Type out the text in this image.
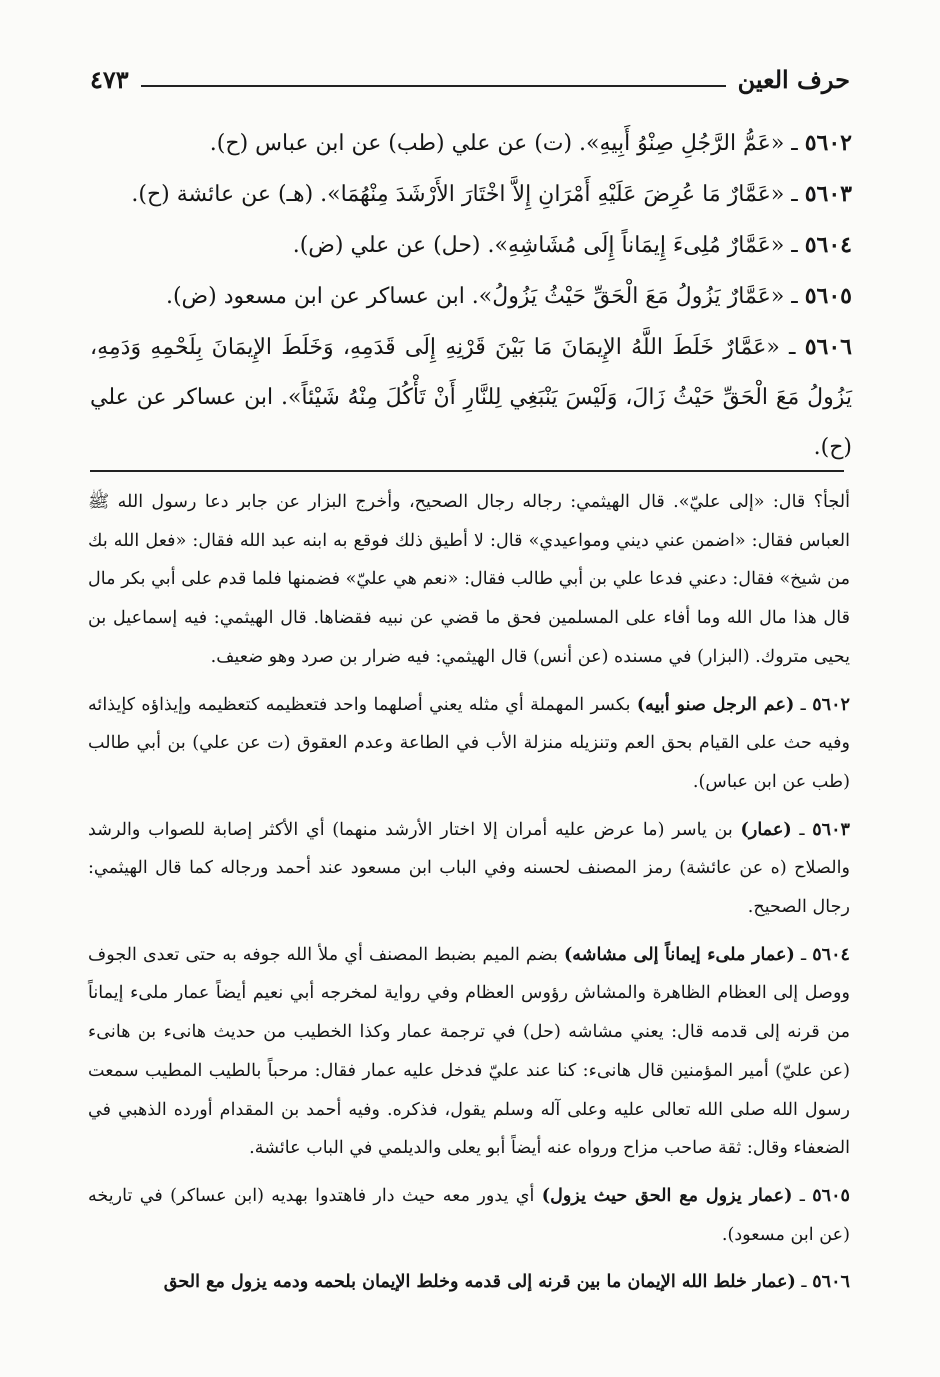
حرف العين
٤٧٣

٥٦٠٢ ـ «عَمُّ الرَّجُلِ صِنْوُ أَبِيهِ». (ت) عن علي (طب) عن ابن عباس (ح).

٥٦٠٣ ـ «عَمَّارٌ مَا عُرِضَ عَلَيْهِ أَمْرَانِ إِلاَّ اخْتَارَ الأَرْشَدَ مِنْهُمَا». (هـ) عن عائشة (ح).

٥٦٠٤ ـ «عَمَّارٌ مُلِىءَ إِيمَاناً إِلَى مُشَاشِهِ». (حل) عن علي (ض).

٥٦٠٥ ـ «عَمَّارٌ يَزُولُ مَعَ الْحَقِّ حَيْثُ يَزُولُ». ابن عساكر عن ابن مسعود (ض).

٥٦٠٦ ـ «عَمَّارٌ خَلَطَ اللَّهُ الإِيمَانَ مَا بَيْنَ قَرْنِهِ إِلَى قَدَمِهِ، وَخَلَطَ الإِيمَانَ بِلَحْمِهِ وَدَمِهِ، يَزُولُ مَعَ الْحَقِّ حَيْثُ زَالَ، وَلَيْسَ يَنْبَغِي لِلنَّارِ أَنْ تَأْكُلَ مِنْهُ شَيْئاً». ابن عساكر عن علي (ح).

ألجأ؟ قال: «إلى عليّ». قال الهيثمي: رجاله رجال الصحيح، وأخرج البزار عن جابر دعا رسول الله ﷺ العباس فقال: «اضمن عني ديني ومواعيدي» قال: لا أطيق ذلك فوقع به ابنه عبد الله فقال: «فعل الله بك من شيخ» فقال: دعني فدعا علي بن أبي طالب فقال: «نعم هي عليّ» فضمنها فلما قدم على أبي بكر مال قال هذا مال الله وما أفاء على المسلمين فحق ما قضي عن نبيه فقضاها. قال الهيثمي: فيه إسماعيل بن يحيى متروك. (البزار) في مسنده (عن أنس) قال الهيثمي: فيه ضرار بن صرد وهو ضعيف.

٥٦٠٢ ـ (عم الرجل صنو أبيه) بكسر المهملة أي مثله يعني أصلهما واحد فتعظيمه كتعظيمه وإيذاؤه كإيذائه وفيه حث على القيام بحق العم وتنزيله منزلة الأب في الطاعة وعدم العقوق (ت عن علي) بن أبي طالب (طب عن ابن عباس).

٥٦٠٣ ـ (عمار) بن ياسر (ما عرض عليه أمران إلا اختار الأرشد منهما) أي الأكثر إصابة للصواب والرشد والصلاح (ه عن عائشة) رمز المصنف لحسنه وفي الباب ابن مسعود عند أحمد ورجاله كما قال الهيثمي: رجال الصحيح.

٥٦٠٤ ـ (عمار ملىء إيماناً إلى مشاشه) بضم الميم بضبط المصنف أي ملأ الله جوفه به حتى تعدى الجوف ووصل إلى العظام الظاهرة والمشاش رؤوس العظام وفي رواية لمخرجه أبي نعيم أيضاً عمار ملىء إيماناً من قرنه إلى قدمه قال: يعني مشاشه (حل) في ترجمة عمار وكذا الخطيب من حديث هانىء بن هانىء (عن عليّ) أمير المؤمنين قال هانىء: كنا عند عليّ فدخل عليه عمار فقال: مرحباً بالطيب المطيب سمعت رسول الله صلى الله تعالى عليه وعلى آله وسلم يقول، فذكره. وفيه أحمد بن المقدام أورده الذهبي في الضعفاء وقال: ثقة صاحب مزاح ورواه عنه أيضاً أبو يعلى والديلمي في الباب عائشة.

٥٦٠٥ ـ (عمار يزول مع الحق حيث يزول) أي يدور معه حيث دار فاهتدوا بهديه (ابن عساكر) في تاريخه (عن ابن مسعود).

٥٦٠٦ ـ (عمار خلط الله الإيمان ما بين قرنه إلى قدمه وخلط الإيمان بلحمه ودمه يزول مع الحق
